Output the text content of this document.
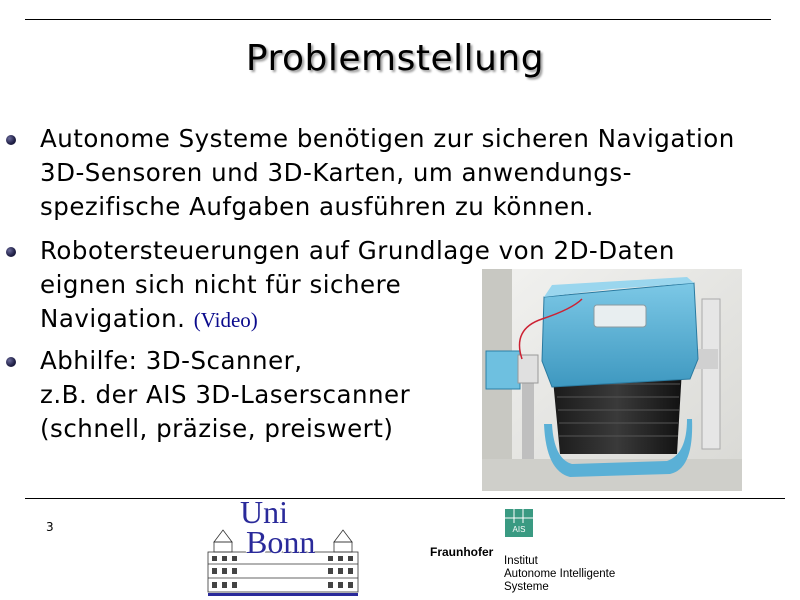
Problemstellung
Autonome Systeme benötigen zur sicheren Navigation
3D-Sensoren und 3D-Karten, um anwendungs-
spezifische Aufgaben ausführen zu können.
Robotersteuerungen auf Grundlage von 2D-Daten
eignen sich nicht für sichere
Navigation. (Video)
Abhilfe: 3D-Scanner,
z.B. der AIS 3D-Laserscanner
(schnell, präzise, preiswert)
3	Uni
Bonn	AIS
Fraunhofer
Institut
Autonome Intelligente
Systeme
